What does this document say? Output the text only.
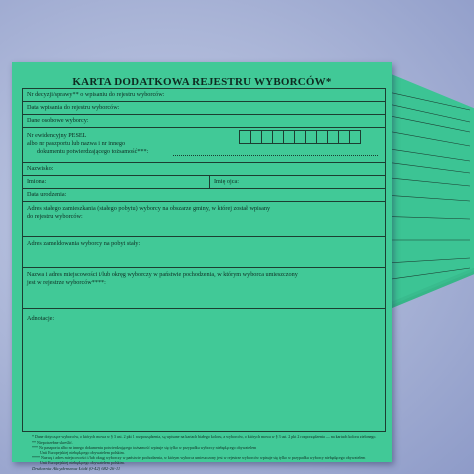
KARTA DODATKOWA REJESTRU WYBORCÓW*
Nr decyzji/sprawy** o wpisaniu do rejestru wyborców:
Data wpisania do rejestru wyborców:
Dane osobowe wyborcy:
Nr ewidencyjny PESEL
albo nr paszportu lub nazwa i nr innego
dokumentu potwierdzającego tożsamość***:
Nazwisko:
Imiona:	Imię ojca:
Data urodzenia:
Adres stałego zamieszkania (stałego pobytu) wyborcy na obszarze gminy, w której został wpisany
do rejestru wyborców:
Adres zameldowania wyborcy na pobyt stały:
Nazwa i adres miejscowości i/lub okręg wyborczy w państwie pochodzenia, w którym wyborca umieszczony
jest w rejestrze wyborców****:
Adnotacje:
* Dane dotyczące wyborców, o których mowa w § 3 ust. 2 pkt 1 rozporządzenia, są wpisane na kartach białego koloru, a wyborców, o których mowa w § 3 ust. 2 pkt 2 rozporządzenia — na kartach koloru zielonego.
** Niepotrzebne skreślić.
*** Nr paszportu albo nr innego dokumentu potwierdzającego tożsamość wpisuje się tylko w przypadku wyborcy niebędącego obywatelem
Unii Europejskiej niebędącego obywatelem polskim.
**** Nazwę i adres miejscowości i/lub okręg wyborczy w państwie pochodzenia, w którym wyborca umieszczony jest w rejestrze wyborców wpisuje się tylko w przypadku wyborcy niebędącego obywatelem
Unii Europejskiej niebędącego obywatelem polskim.
Drukarnia Akcydensowa Łódź (0-42) 682-26-11
